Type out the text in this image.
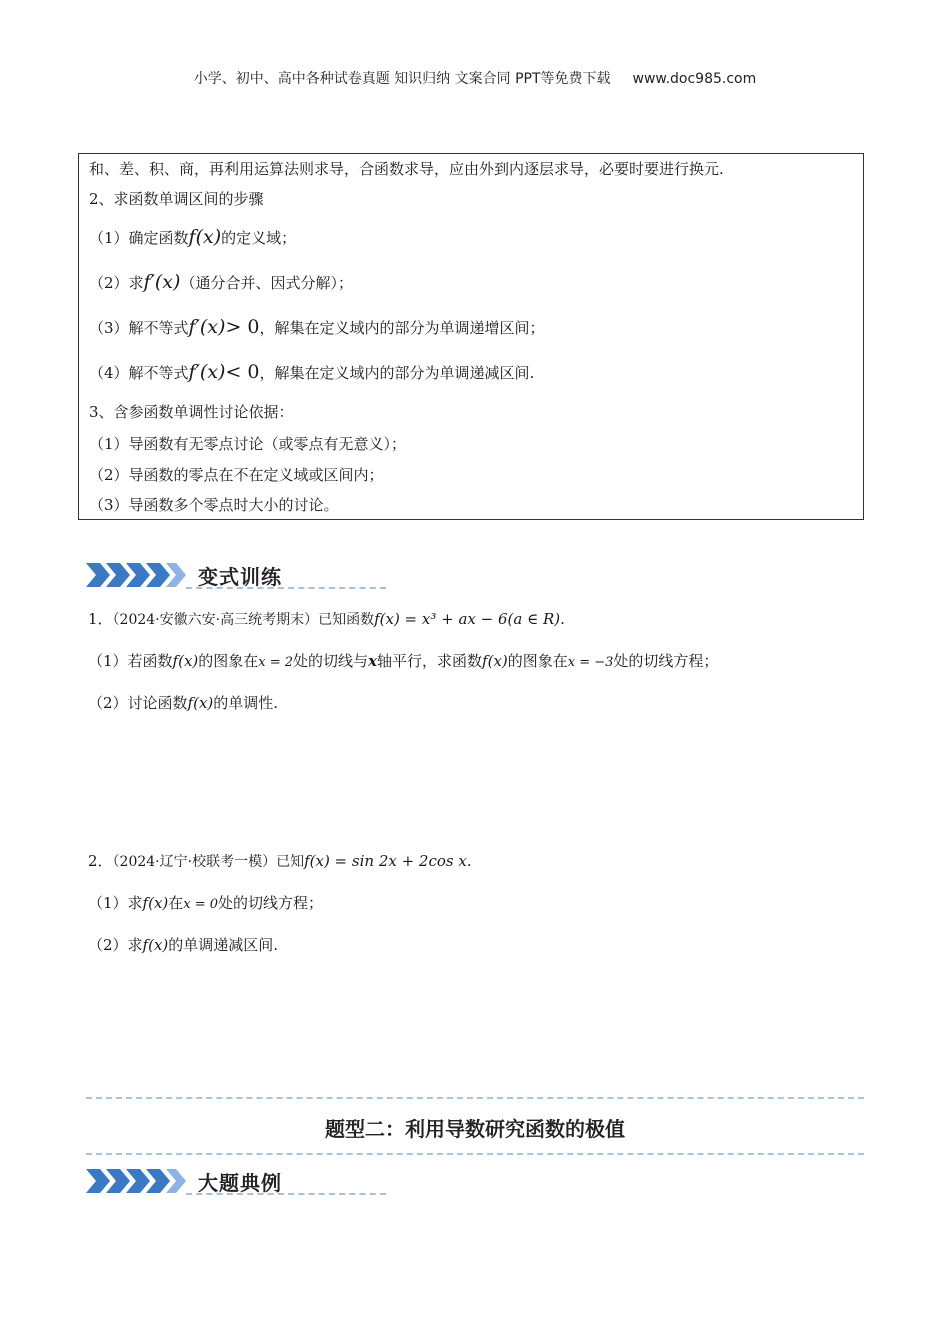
小学、初中、高中各种试卷真题 知识归纳 文案合同 PPT等免费下载 www.doc985.com
和、差、积、商，再利用运算法则求导，合函数求导，应由外到内逐层求导，必要时要进行换元.
2、求函数单调区间的步骤
（1）确定函数f(x)的定义域；
（2）求f′(x)（通分合并、因式分解）；
（3）解不等式f′(x)> 0，解集在定义域内的部分为单调递增区间；
（4）解不等式f′(x)< 0，解集在定义域内的部分为单调递减区间.
3、含参函数单调性讨论依据：
（1）导函数有无零点讨论（或零点有无意义）；
（2）导函数的零点在不在定义域或区间内；
（3）导函数多个零点时大小的讨论。
变式训练
1．（2024·安徽六安·高三统考期末）已知函数f(x) = x³ + ax − 6(a ∈ R).
（1）若函数f(x)的图象在x = 2处的切线与x轴平行，求函数f(x)的图象在x = −3处的切线方程；
（2）讨论函数f(x)的单调性.
2．（2024·辽宁·校联考一模）已知f(x) = sin 2x + 2cos x.
（1）求f(x)在x = 0处的切线方程；
（2）求f(x)的单调递减区间.
题型二：利用导数研究函数的极值
大题典例
